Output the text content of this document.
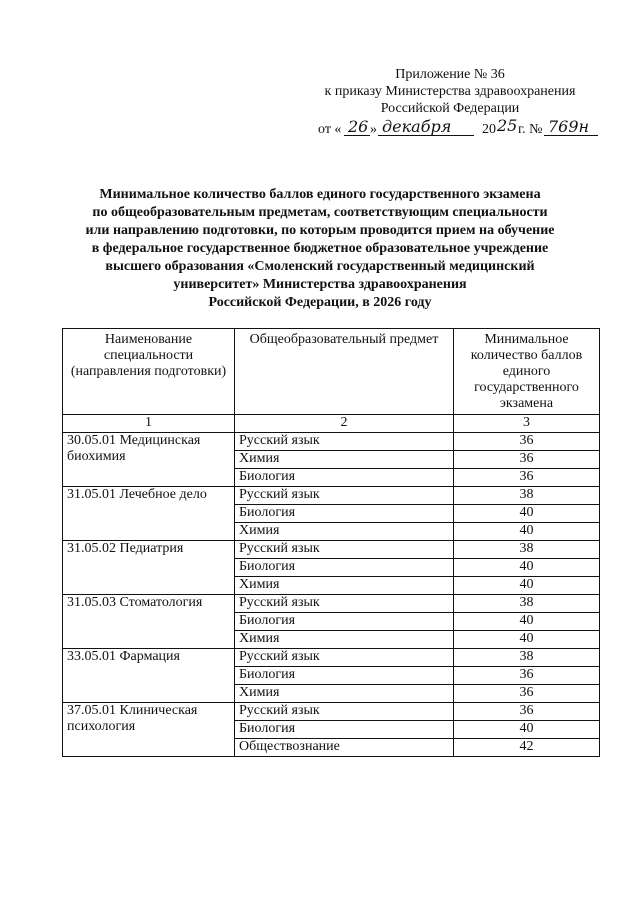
Приложение № 36
к приказу Министерства здравоохранения
Российской Федерации
от « 26 » декабря 20 25 г. № 769н
Минимальное количество баллов единого государственного экзамена
по общеобразовательным предметам, соответствующим специальности
или направлению подготовки, по которым проводится прием на обучение
в федеральное государственное бюджетное образовательное учреждение
высшего образования «Смоленский государственный медицинский
университет» Министерства здравоохранения
Российской Федерации, в 2026 году
Наименование специальности (направления подготовки)	Общеобразовательный предмет	Минимальное количество баллов единого государственного экзамена
1	2	3
30.05.01 Медицинская биохимия	Русский язык	36
	Химия	36
	Биология	36
31.05.01 Лечебное дело	Русский язык	38
	Биология	40
	Химия	40
31.05.02 Педиатрия	Русский язык	38
	Биология	40
	Химия	40
31.05.03 Стоматология	Русский язык	38
	Биология	40
	Химия	40
33.05.01 Фармация	Русский язык	38
	Биология	36
	Химия	36
37.05.01 Клиническая психология	Русский язык	36
	Биология	40
	Обществознание	42
